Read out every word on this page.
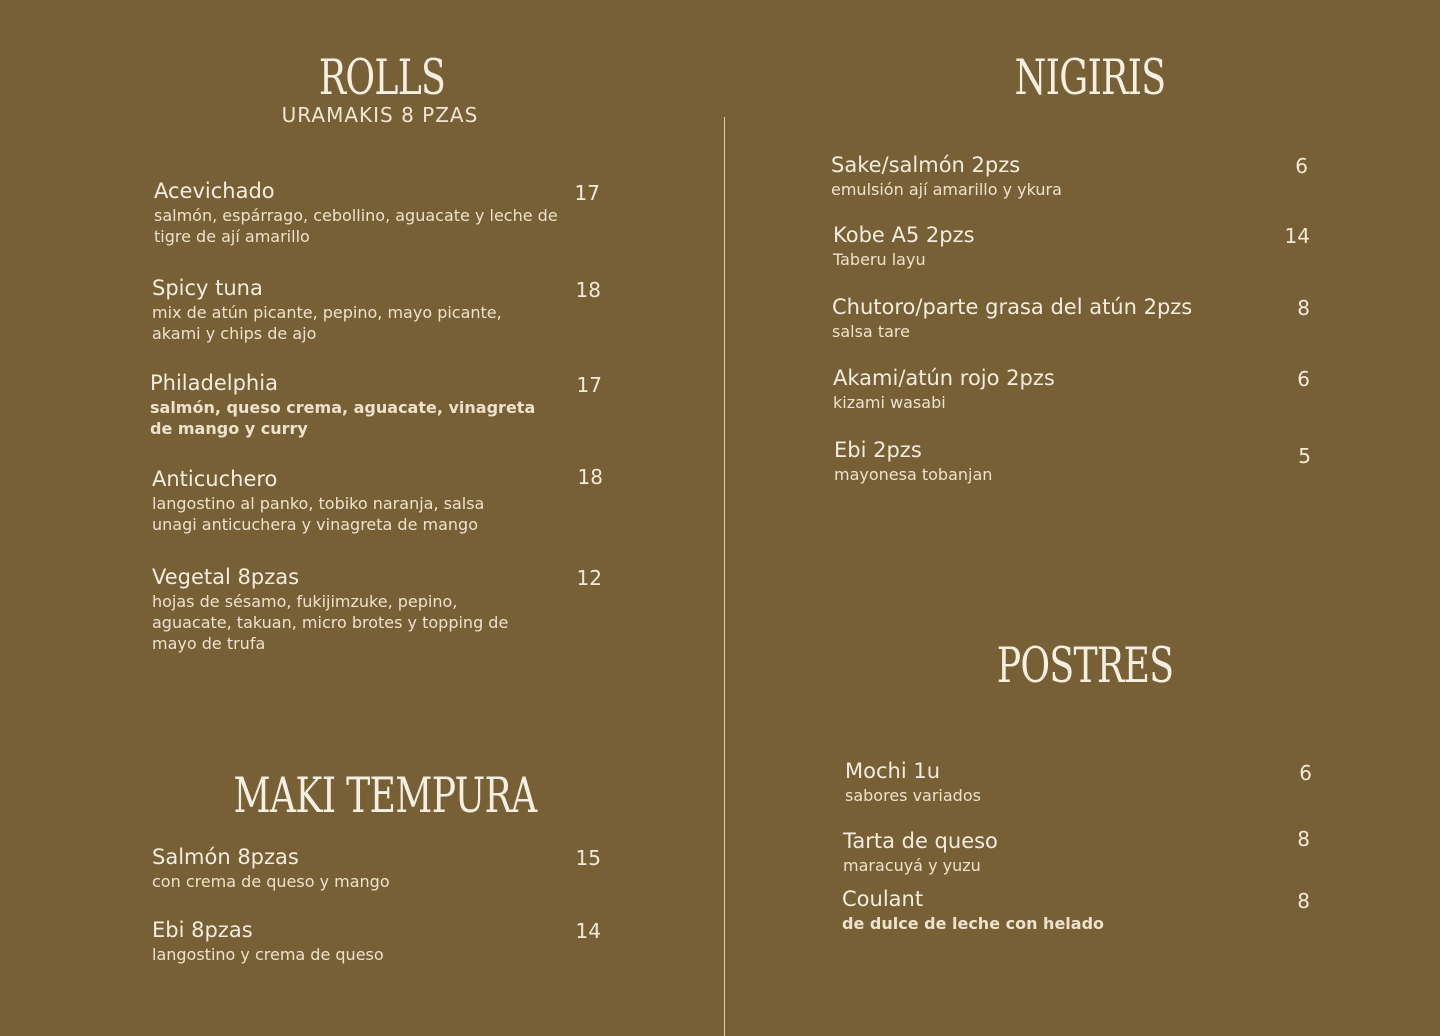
ROLLS
URAMAKIS 8 PZAS
Acevichado
salmón, espárrago, cebollino, aguacate y leche de tigre de ají amarillo
17
Spicy tuna
mix de atún picante, pepino, mayo picante, akami y chips de ajo
18
Philadelphia
salmón, queso crema, aguacate, vinagreta de mango y curry
17
Anticuchero
langostino al panko, tobiko naranja, salsa unagi anticuchera y vinagreta de mango
18
Vegetal 8pzas
hojas de sésamo, fukijimzuke, pepino, aguacate, takuan, micro brotes y topping de mayo de trufa
12
MAKI TEMPURA
Salmón 8pzas
con crema de queso y mango
15
Ebi 8pzas
langostino y crema de queso
14
NIGIRIS
Sake/salmón 2pzs
emulsión ají amarillo y ykura
6
Kobe A5 2pzs
Taberu layu
14
Chutoro/parte grasa del atún 2pzs
salsa tare
8
Akami/atún rojo 2pzs
kizami wasabi
6
Ebi 2pzs
mayonesa tobanjan
5
POSTRES
Mochi 1u
sabores variados
6
Tarta de queso
maracuyá y yuzu
8
Coulant
de dulce de leche con helado
8
